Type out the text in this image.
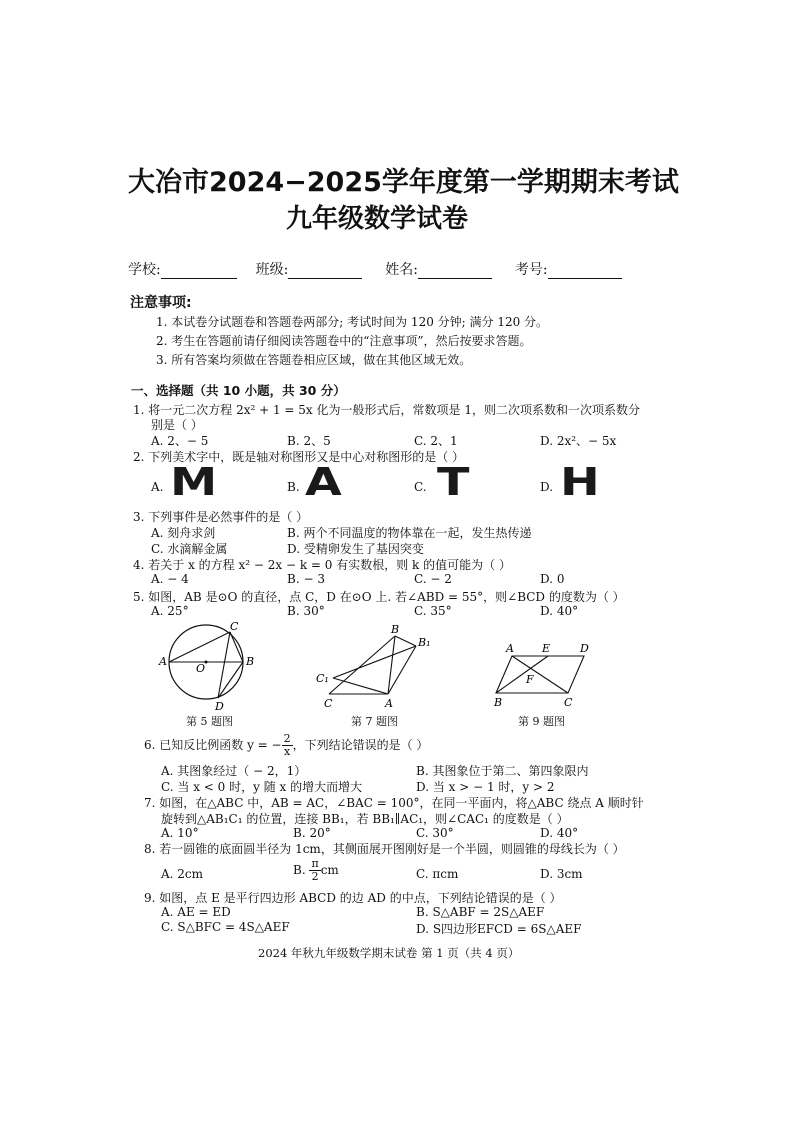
大冶市2024−2025学年度第一学期期末考试
九年级数学试卷
学校:	班级:	姓名:	考号:
注意事项:
1. 本试卷分试题卷和答题卷两部分; 考试时间为 120 分钟; 满分 120 分。
2. 考生在答题前请仔细阅读答题卷中的“注意事项”，然后按要求答题。
3. 所有答案均须做在答题卷相应区域，做在其他区域无效。
一、选择题（共 10 小题，共 30 分）
1. 将一元二次方程 2x² + 1 = 5x 化为一般形式后，常数项是 1，则二次项系数和一次项系数分
别是（ ）
A. 2、− 5	B. 2、5	C. 2、1	D. 2x²、− 5x
2. 下列美术字中，既是轴对称图形又是中心对称图形的是（ ）
A. M	B. A	C. T	D. H
3. 下列事件是必然事件的是（ ）
A. 刻舟求剑	B. 两个不同温度的物体靠在一起，发生热传递
C. 水滴解金属	D. 受精卵发生了基因突变
4. 若关于 x 的方程 x² − 2x − k = 0 有实数根，则 k 的值可能为（ ）
A. − 4	B. − 3	C. − 2	D. 0
5. 如图，AB 是⊙O 的直径，点 C，D 在⊙O 上. 若∠ABD = 55°，则∠BCD 的度数为（ ）
A. 25°	B. 30°	C. 35°	D. 40°
C
A
O
B
D
第 5 题图
B
B₁
C₁
C	A
第 7 题图
A	E	D
F
B	C
第 9 题图
6. 已知反比例函数 y = − $\frac{2}{x}$ ，下列结论错误的是（ ）
A. 其图象经过（ − 2，1）	B. 其图象位于第二、第四象限内
C. 当 x < 0 时，y 随 x 的增大而增大	D. 当 x > − 1 时，y > 2
7. 如图，在△ABC 中，AB = AC，∠BAC = 100°，在同一平面内，将△ABC 绕点 A 顺时针
旋转到△AB₁C₁ 的位置，连接 BB₁，若 BB₁∥AC₁，则∠CAC₁ 的度数是（ ）
A. 10°	B. 20°	C. 30°	D. 40°
8. 若一圆锥的底面圆半径为 1cm，其侧面展开图刚好是一个半圆，则圆锥的母线长为（ ）
A. 2cm	B. $\frac{\pi}{2}$ cm	C. πcm	D. 3cm
9. 如图，点 E 是平行四边形 ABCD 的边 AD 的中点，下列结论错误的是（ ）
A. AE = ED	B. S△ABF = 2S△AEF
C. S△BFC = 4S△AEF	D. S四边形EFCD = 6S△AEF
2024 年秋九年级数学期末试卷 第 1 页（共 4 页）
